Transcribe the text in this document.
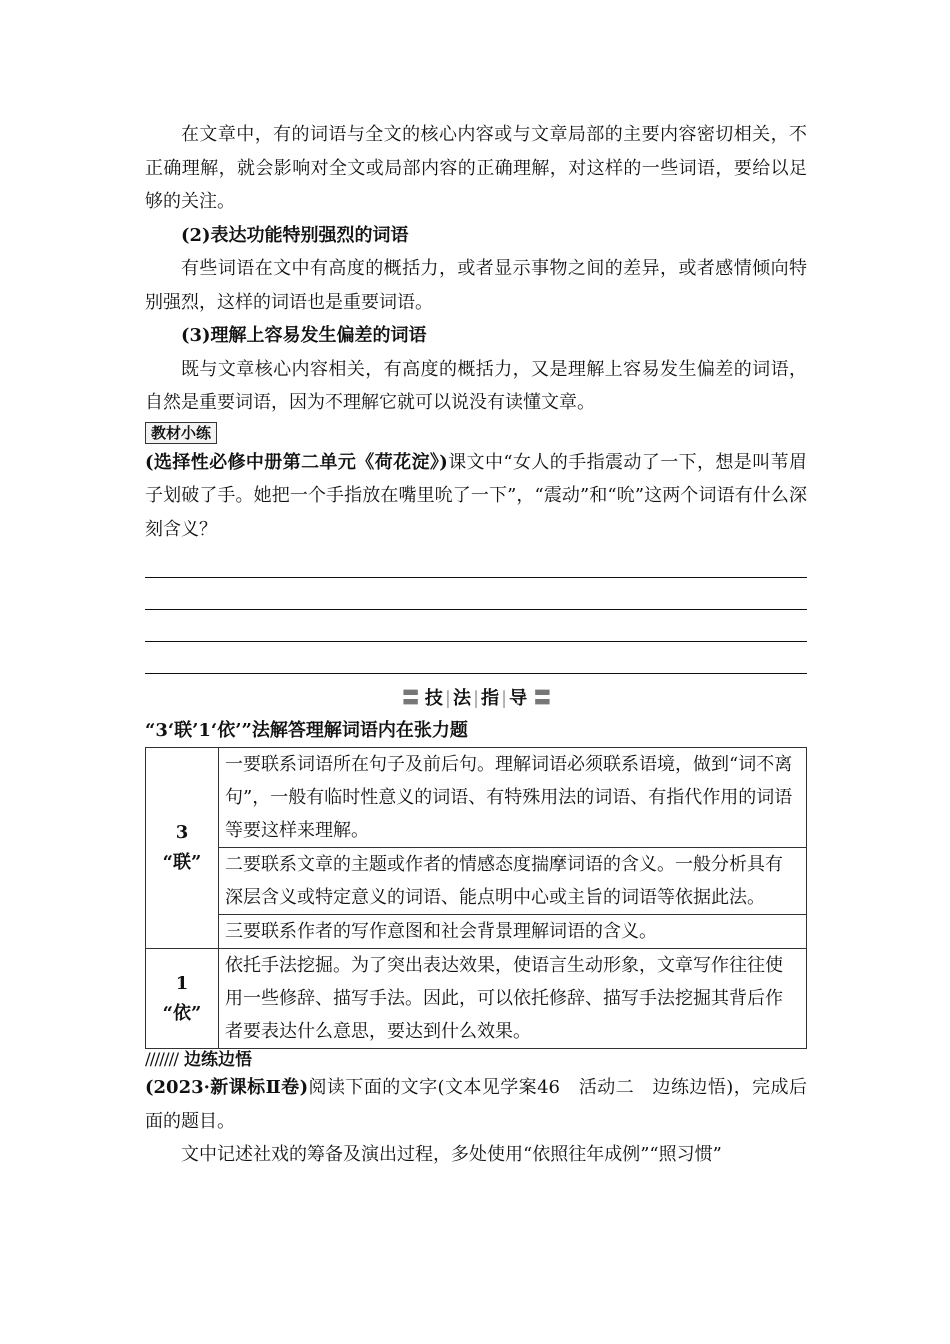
在文章中，有的词语与全文的核心内容或与文章局部的主要内容密切相关，不正确理解，就会影响对全文或局部内容的正确理解，对这样的一些词语，要给以足够的关注。

(2)表达功能特别强烈的词语

有些词语在文中有高度的概括力，或者显示事物之间的差异，或者感情倾向特别强烈，这样的词语也是重要词语。

(3)理解上容易发生偏差的词语

既与文章核心内容相关，有高度的概括力，又是理解上容易发生偏差的词语，自然是重要词语，因为不理解它就可以说没有读懂文章。

教材小练

(选择性必修中册第二单元《荷花淀》)课文中“女人的手指震动了一下，想是叫苇眉子划破了手。她把一个手指放在嘴里吮了一下”，“震动”和“吮”这两个词语有什么深刻含义？

〓 技 | 法 | 指 | 导 〓

“3‘联’1‘依’”法解答理解词语内在张力题

3
“联”	一要联系词语所在句子及前后句。理解词语必须联系语境，做到“词不离句”，一般有临时性意义的词语、有特殊用法的词语、有指代作用的词语等要这样来理解。
	二要联系文章的主题或作者的情感态度揣摩词语的含义。一般分析具有深层含义或特定意义的词语、能点明中心或主旨的词语等依据此法。
	三要联系作者的写作意图和社会背景理解词语的含义。

1
“依”	依托手法挖掘。为了突出表达效果，使语言生动形象，文章写作往往使用一些修辞、描写手法。因此，可以依托修辞、描写手法挖掘其背后作者要表达什么意思，要达到什么效果。

/////// 边练边悟

(2023·新课标Ⅱ卷)阅读下面的文字(文本见学案46　活动二　边练边悟)，完成后面的题目。

文中记述社戏的筹备及演出过程，多处使用“依照往年成例”“照习惯”
